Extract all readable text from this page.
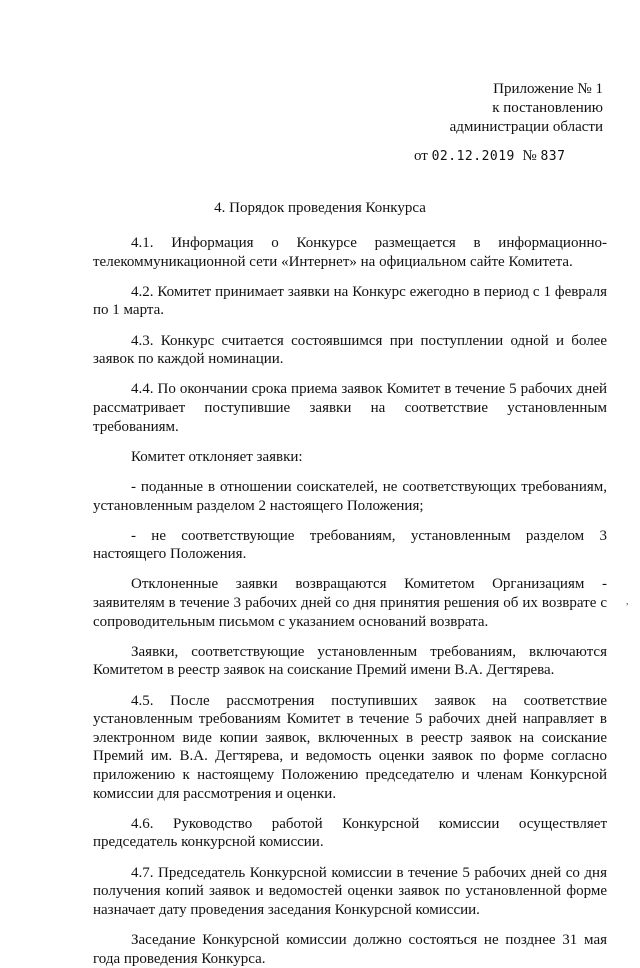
Приложение № 1
к постановлению
администрации области
от 02.12.2019 № 837
4. Порядок проведения Конкурса

4.1. Информация о Конкурсе размещается в информационно-телекоммуникационной сети «Интернет» на официальном сайте Комитета.

4.2. Комитет принимает заявки на Конкурс ежегодно в период с 1 февраля по 1 марта.

4.3. Конкурс считается состоявшимся при поступлении одной и более заявок по каждой номинации.

4.4. По окончании срока приема заявок Комитет в течение 5 рабочих дней рассматривает поступившие заявки на соответствие установленным требованиям.

Комитет отклоняет заявки:

- поданные в отношении соискателей, не соответствующих требованиям, установленным разделом 2 настоящего Положения;

- не соответствующие требованиям, установленным разделом 3 настоящего Положения.

Отклоненные заявки возвращаются Комитетом Организациям - заявителям в течение 3 рабочих дней со дня принятия решения об их возврате с сопроводительным письмом с указанием оснований возврата.

Заявки, соответствующие установленным требованиям, включаются Комитетом в реестр заявок на соискание Премий имени В.А. Дегтярева.

4.5. После рассмотрения поступивших заявок на соответствие установленным требованиям Комитет в течение 5 рабочих дней направляет в электронном виде копии заявок, включенных в реестр заявок на соискание Премий им. В.А. Дегтярева, и ведомость оценки заявок по форме согласно приложению к настоящему Положению председателю и членам Конкурсной комиссии для рассмотрения и оценки.

4.6. Руководство работой Конкурсной комиссии осуществляет председатель конкурсной комиссии.

4.7. Председатель Конкурсной комиссии в течение 5 рабочих дней со дня получения копий заявок и ведомостей оценки заявок по установленной форме назначает дату проведения заседания Конкурсной комиссии.

Заседание Конкурсной комиссии должно состояться не позднее 31 мая года проведения Конкурса.

,
